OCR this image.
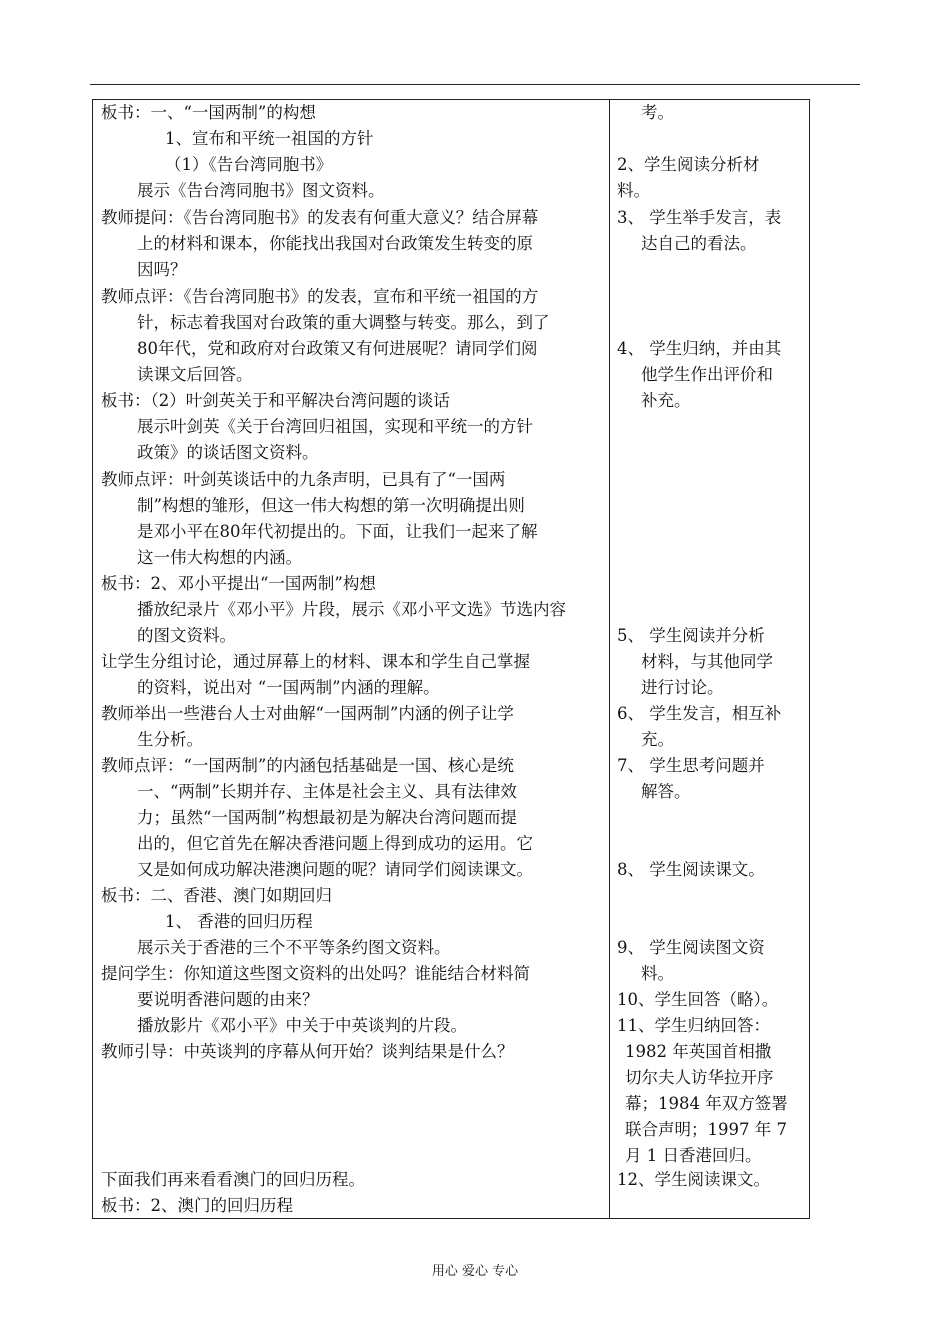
板书：一、“一国两制”的构想
1、宣布和平统一祖国的方针
（1）《告台湾同胞书》
展示《告台湾同胞书》图文资料。
教师提问：《告台湾同胞书》的发表有何重大意义？结合屏幕
上的材料和课本，你能找出我国对台政策发生转变的原
因吗？
教师点评：《告台湾同胞书》的发表，宣布和平统一祖国的方
针，标志着我国对台政策的重大调整与转变。那么，到了
80年代，党和政府对台政策又有何进展呢？请同学们阅
读课文后回答。
板书：（2）叶剑英关于和平解决台湾问题的谈话
展示叶剑英《关于台湾回归祖国，实现和平统一的方针
政策》的谈话图文资料。
教师点评：叶剑英谈话中的九条声明，已具有了“一国两
制”构想的雏形，但这一伟大构想的第一次明确提出则
是邓小平在80年代初提出的。下面，让我们一起来了解
这一伟大构想的内涵。
板书：2、邓小平提出“一国两制”构想
播放纪录片《邓小平》片段，展示《邓小平文选》节选内容
的图文资料。
让学生分组讨论，通过屏幕上的材料、课本和学生自己掌握
的资料，说出对 “一国两制”内涵的理解。
教师举出一些港台人士对曲解“一国两制”内涵的例子让学
生分析。
教师点评：“一国两制”的内涵包括基础是一国、核心是统
一、“两制”长期并存、主体是社会主义、具有法律效
力；虽然“一国两制”构想最初是为解决台湾问题而提
出的，但它首先在解决香港问题上得到成功的运用。它
又是如何成功解决港澳问题的呢？请同学们阅读课文。
板书：二、香港、澳门如期回归
1、 香港的回归历程
展示关于香港的三个不平等条约图文资料。
提问学生：你知道这些图文资料的出处吗？谁能结合材料简
要说明香港问题的由来？
播放影片《邓小平》中关于中英谈判的片段。
教师引导：中英谈判的序幕从何开始？谈判结果是什么？
下面我们再来看看澳门的回归历程。
板书：2、澳门的回归历程
考。
2、学生阅读分析材
料。
3、 学生举手发言，表
达自己的看法。
4、 学生归纳，并由其
他学生作出评价和
补充。
5、 学生阅读并分析
材料，与其他同学
进行讨论。
6、 学生发言，相互补
充。
7、 学生思考问题并
解答。
8、 学生阅读课文。
9、 学生阅读图文资
料。
10、学生回答（略）。
11、学生归纳回答：
1982 年英国首相撒
切尔夫人访华拉开序
幕；1984 年双方签署
联合声明；1997 年 7
月 1 日香港回归。
12、学生阅读课文。
用心 爱心 专心
